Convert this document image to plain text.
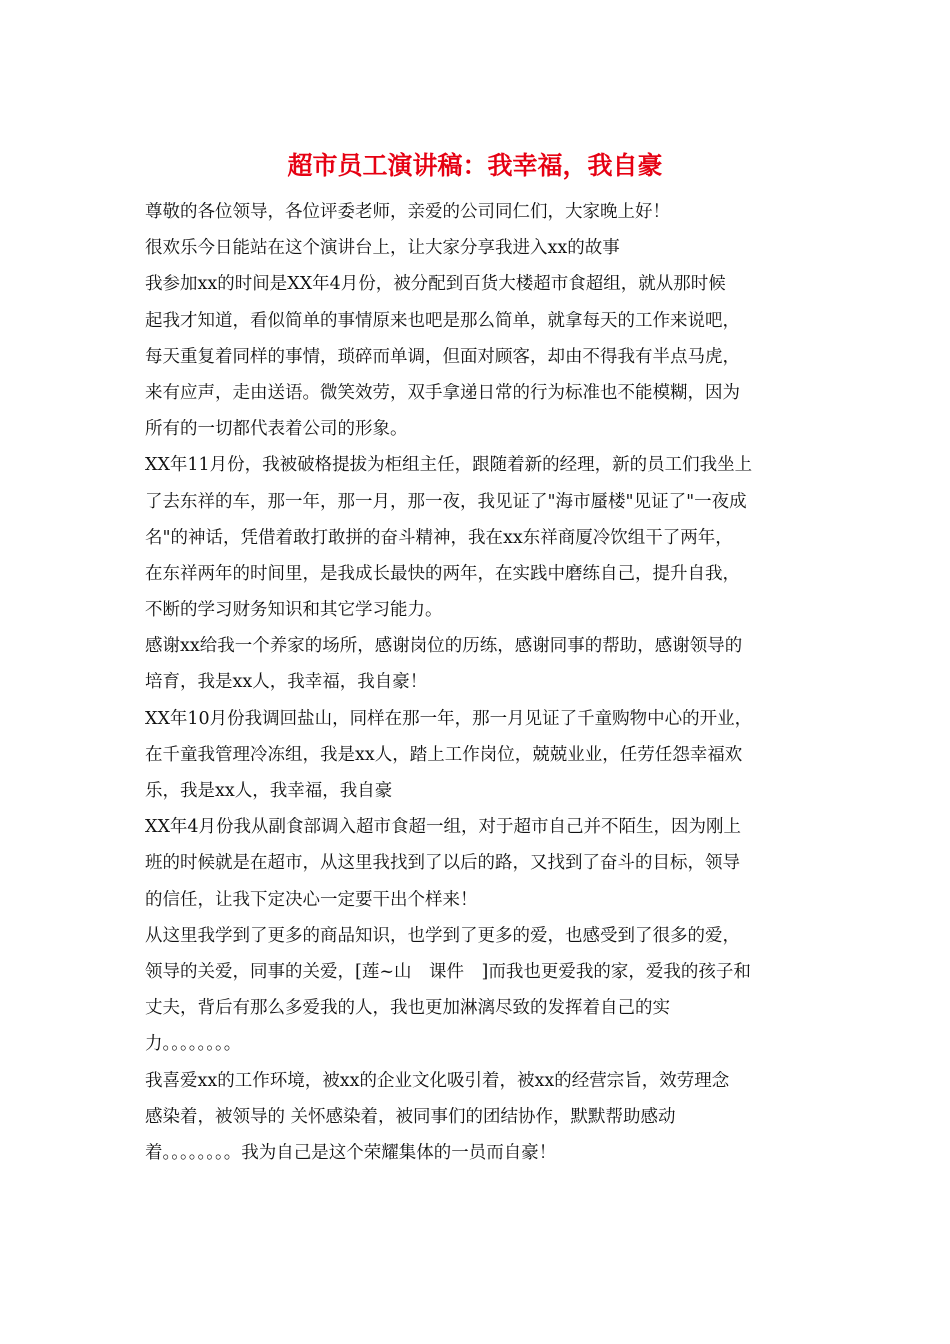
超市员工演讲稿：我幸福，我自豪
尊敬的各位领导，各位评委老师，亲爱的公司同仁们，大家晚上好！
很欢乐今日能站在这个演讲台上，让大家分享我进入xx的故事
我参加xx的时间是XX年4月份，被分配到百货大楼超市食超组，就从那时候
起我才知道，看似简单的事情原来也吧是那么简单，就拿每天的工作来说吧，
每天重复着同样的事情，琐碎而单调，但面对顾客，却由不得我有半点马虎，
来有应声，走由送语。微笑效劳，双手拿递日常的行为标准也不能模糊，因为
所有的一切都代表着公司的形象。
XX年11月份，我被破格提拔为柜组主任，跟随着新的经理，新的员工们我坐上
了去东祥的车，那一年，那一月，那一夜，我见证了"海市蜃楼"见证了"一夜成
名"的神话，凭借着敢打敢拼的奋斗精神，我在xx东祥商厦冷饮组干了两年，
在东祥两年的时间里，是我成长最快的两年，在实践中磨练自己，提升自我，
不断的学习财务知识和其它学习能力。
感谢xx给我一个养家的场所，感谢岗位的历练，感谢同事的帮助，感谢领导的
培育，我是xx人，我幸福，我自豪！
XX年10月份我调回盐山，同样在那一年，那一月见证了千童购物中心的开业，
在千童我管理冷冻组，我是xx人，踏上工作岗位，兢兢业业，任劳任怨幸福欢
乐，我是xx人，我幸福，我自豪
XX年4月份我从副食部调入超市食超一组，对于超市自己并不陌生，因为刚上
班的时候就是在超市，从这里我找到了以后的路，又找到了奋斗的目标，领导
的信任，让我下定决心一定要干出个样来！
从这里我学到了更多的商品知识，也学到了更多的爱，也感受到了很多的爱，
领导的关爱，同事的关爱，[莲~山　课件　]而我也更爱我的家，爱我的孩子和
丈夫，背后有那么多爱我的人，我也更加淋漓尽致的发挥着自己的实
力。。。。。。。。
我喜爱xx的工作环境，被xx的企业文化吸引着，被xx的经营宗旨，效劳理念
感染着，被领导的 关怀感染着，被同事们的团结协作，默默帮助感动
着。。。。。。。。我为自己是这个荣耀集体的一员而自豪！
